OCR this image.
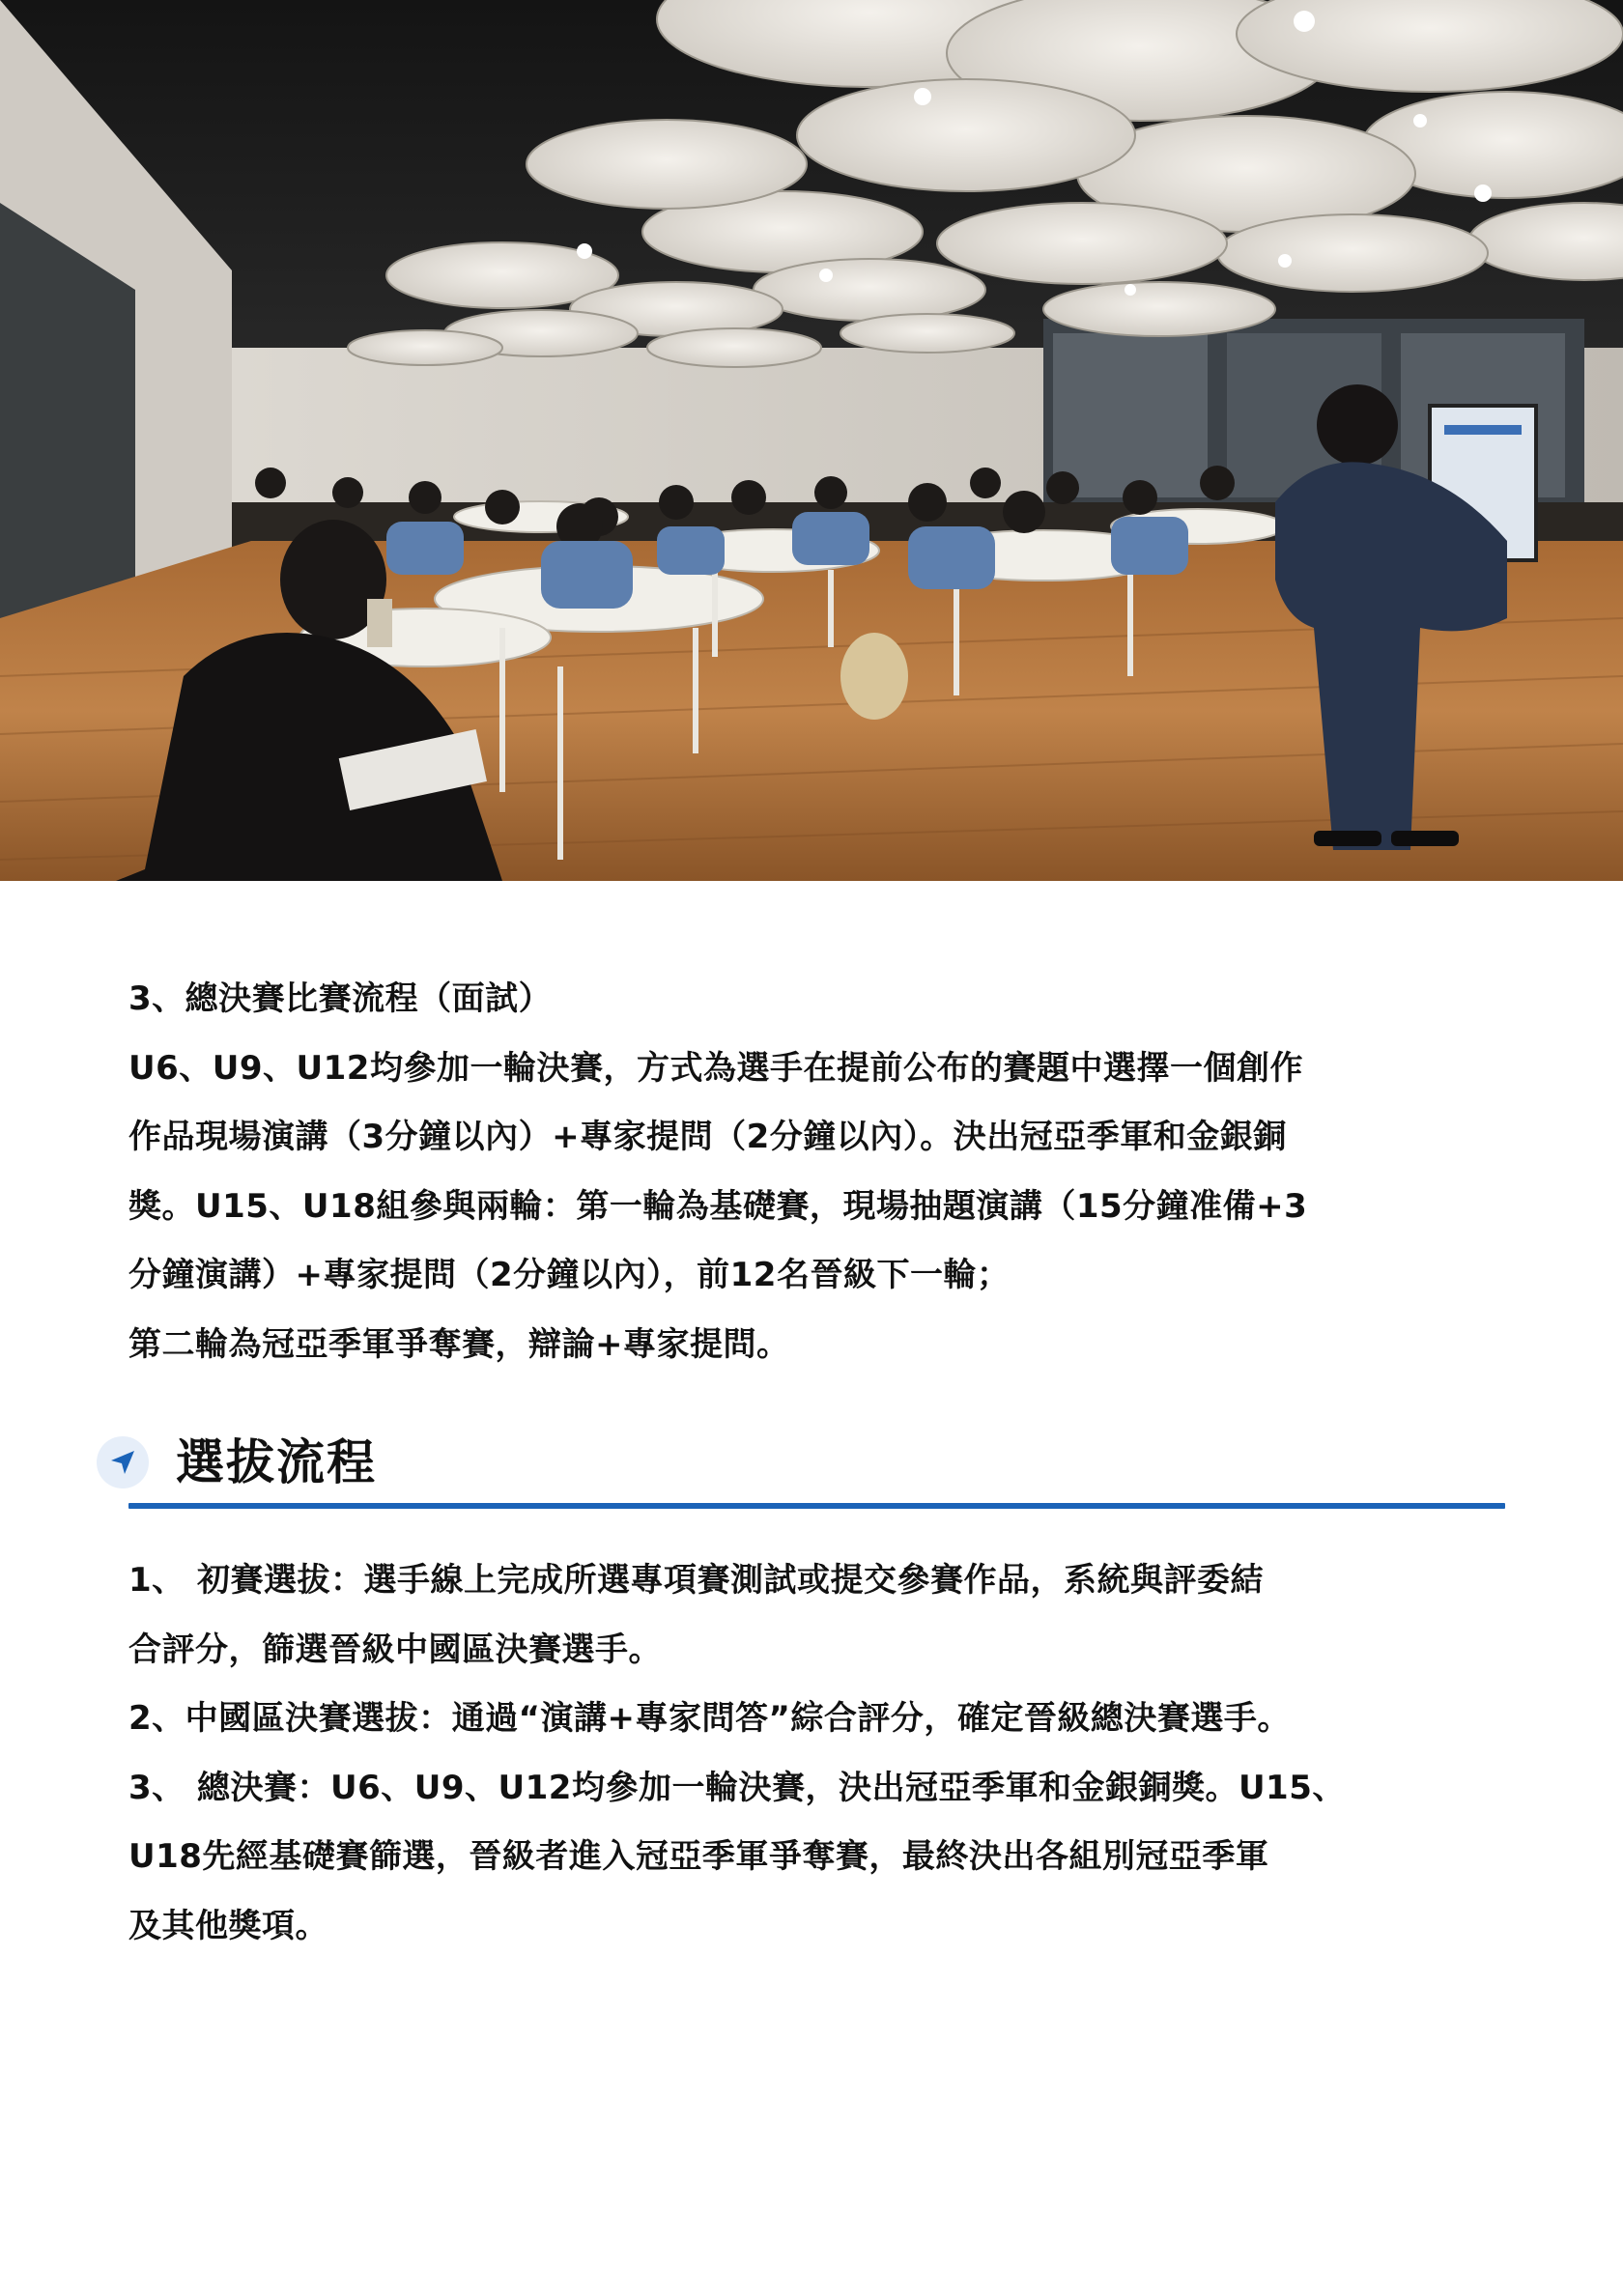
3、總決賽比賽流程（面試）

U6、U9、U12均參加一輪決賽，方式為選手在提前公布的賽題中選擇一個創作

作品現場演講（3分鐘以內）+專家提問（2分鐘以內）。決出冠亞季軍和金銀銅

獎。U15、U18組參與兩輪：第一輪為基礎賽，現場抽題演講（15分鐘准備+3

分鐘演講）+專家提問（2分鐘以內），前12名晉級下一輪；

第二輪為冠亞季軍爭奪賽，辯論+專家提問。

選拔流程

1、 初賽選拔：選手線上完成所選專項賽測試或提交參賽作品，系統與評委結

合評分，篩選晉級中國區決賽選手。

2、中國區決賽選拔：通過“演講+專家問答”綜合評分，確定晉級總決賽選手。

3、 總決賽：U6、U9、U12均參加一輪決賽，決出冠亞季軍和金銀銅獎。U15、

U18先經基礎賽篩選，晉級者進入冠亞季軍爭奪賽，最終決出各組別冠亞季軍

及其他獎項。
